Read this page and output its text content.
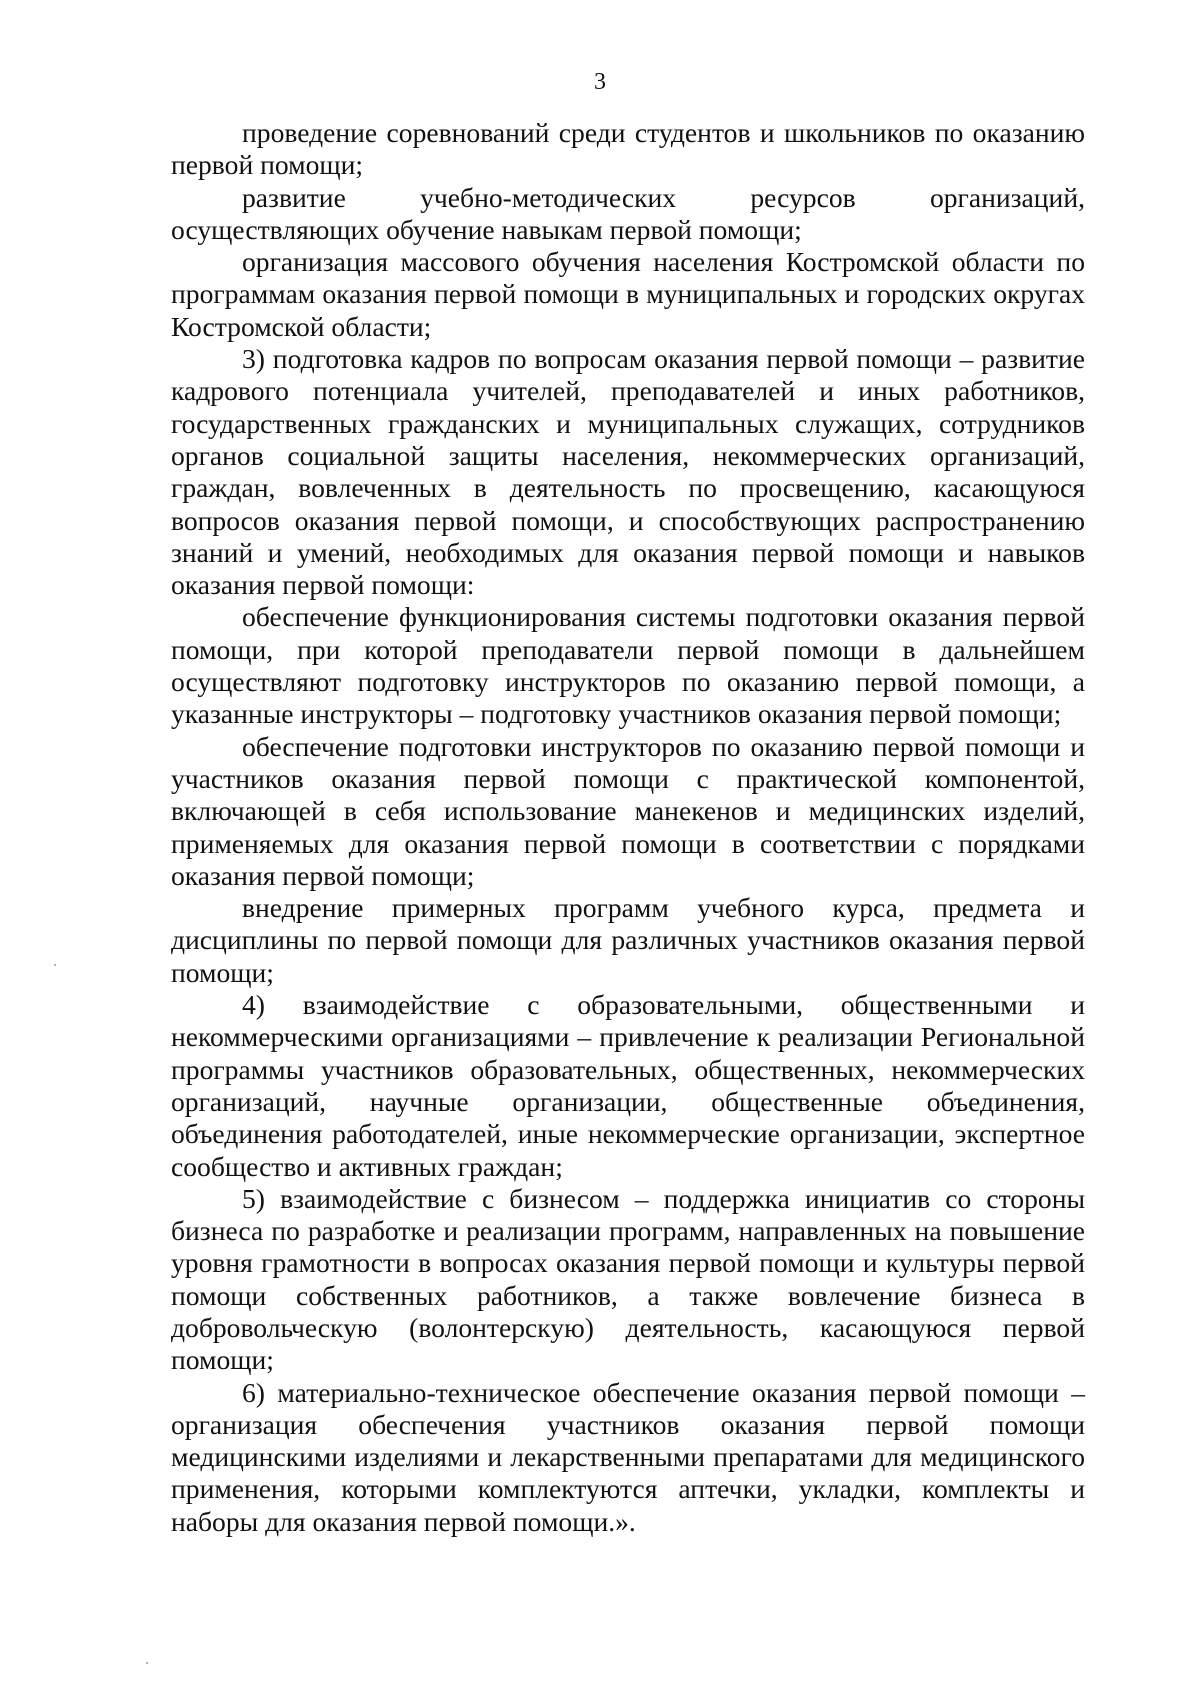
3

проведение соревнований среди студентов и школьников по оказанию первой помощи;

развитие учебно-методических ресурсов организаций, осуществляющих обучение навыкам первой помощи;

организация массового обучения населения Костромской области по программам оказания первой помощи в муниципальных и городских округах Костромской области;

3) подготовка кадров по вопросам оказания первой помощи – развитие кадрового потенциала учителей, преподавателей и иных работников, государственных гражданских и муниципальных служащих, сотрудников органов социальной защиты населения, некоммерческих организаций, граждан, вовлеченных в деятельность по просвещению, касающуюся вопросов оказания первой помощи, и способствующих распространению знаний и умений, необходимых для оказания первой помощи и навыков оказания первой помощи:

обеспечение функционирования системы подготовки оказания первой помощи, при которой преподаватели первой помощи в дальнейшем осуществляют подготовку инструкторов по оказанию первой помощи, а указанные инструкторы – подготовку участников оказания первой помощи;

обеспечение подготовки инструкторов по оказанию первой помощи и участников оказания первой помощи с практической компонентой, включающей в себя использование манекенов и медицинских изделий, применяемых для оказания первой помощи в соответствии с порядками оказания первой помощи;

внедрение примерных программ учебного курса, предмета и дисциплины по первой помощи для различных участников оказания первой помощи;

4) взаимодействие с образовательными, общественными и некоммерческими организациями – привлечение к реализации Региональной программы участников образовательных, общественных, некоммерческих организаций, научные организации, общественные объединения, объединения работодателей, иные некоммерческие организации, экспертное сообщество и активных граждан;

5) взаимодействие с бизнесом – поддержка инициатив со стороны бизнеса по разработке и реализации программ, направленных на повышение уровня грамотности в вопросах оказания первой помощи и культуры первой помощи собственных работников, а также вовлечение бизнеса в добровольческую (волонтерскую) деятельность, касающуюся первой помощи;

6) материально-техническое обеспечение оказания первой помощи – организация обеспечения участников оказания первой помощи медицинскими изделиями и лекарственными препаратами для медицинского применения, которыми комплектуются аптечки, укладки, комплекты и наборы для оказания первой помощи.».
